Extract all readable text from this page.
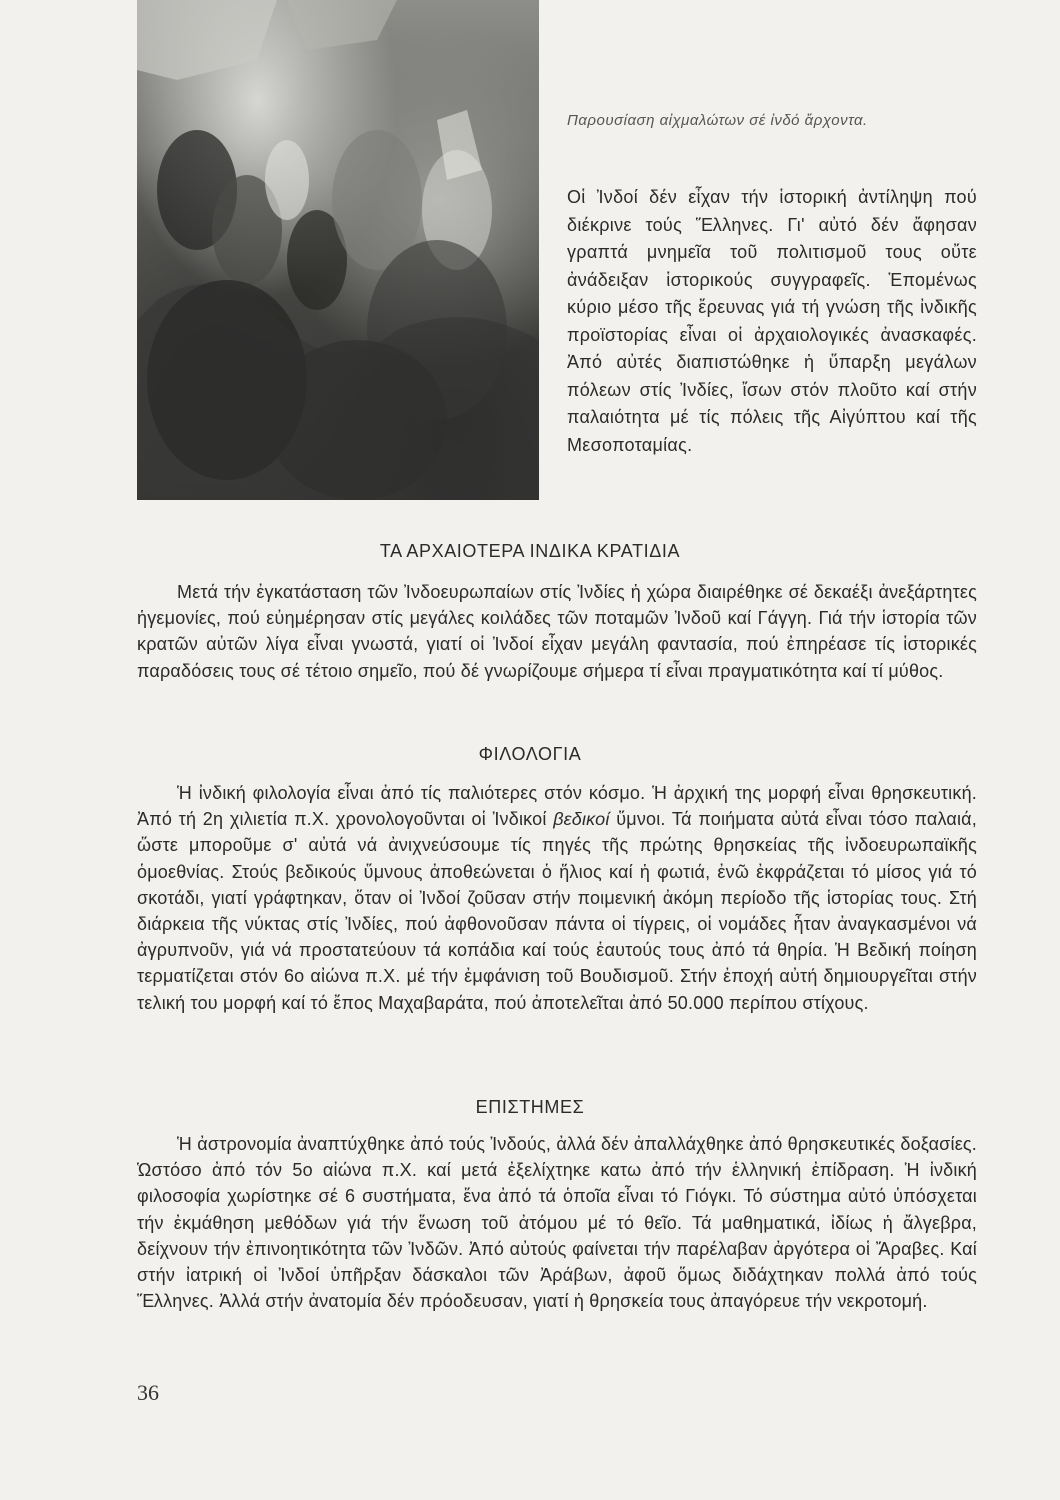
Παρουσίαση αἰχμαλώτων σέ ἰνδό ἄρχοντα.
Οἱ Ἰνδοί δέν εἶχαν τήν ἱστορική ἀντίληψη πού διέκρινε τούς Ἕλληνες. Γι' αὐτό δέν ἄφησαν γραπτά μνημεῖα τοῦ πολιτισμοῦ τους οὔτε ἀνάδειξαν ἱστορικούς συγγραφεῖς. Ἑπομένως κύριο μέσο τῆς ἔρευνας γιά τή γνώση τῆς ἰνδικῆς προϊστορίας εἶναι οἱ ἀρχαιολογικές ἀνασκαφές. Ἀπό αὐτές διαπιστώθηκε ἡ ὕπαρξη μεγάλων πόλεων στίς Ἰνδίες, ἴσων στόν πλοῦτο καί στήν παλαιότητα μέ τίς πόλεις τῆς Αἰγύπτου καί τῆς Μεσοποταμίας.
ΤΑ ΑΡΧΑΙΟΤΕΡΑ ΙΝΔΙΚΑ ΚΡΑΤΙΔΙΑ

Μετά τήν ἐγκατάσταση τῶν Ἰνδοευρωπαίων στίς Ἰνδίες ἡ χώρα διαιρέθηκε σέ δεκαέξι ἀνεξάρτητες ἡγεμονίες, πού εὐημέρησαν στίς μεγάλες κοιλάδες τῶν ποταμῶν Ἰνδοῦ καί Γάγγη. Γιά τήν ἱστορία τῶν κρατῶν αὐτῶν λίγα εἶναι γνωστά, γιατί οἱ Ἰνδοί εἶχαν μεγάλη φαντασία, πού ἐπηρέασε τίς ἱστορικές παραδόσεις τους σέ τέτοιο σημεῖο, πού δέ γνωρίζουμε σήμερα τί εἶναι πραγματικότητα καί τί μύθος.

ΦΙΛΟΛΟΓΙΑ

Ἡ ἰνδική φιλολογία εἶναι ἀπό τίς παλιότερες στόν κόσμο. Ἡ ἀρχική της μορφή εἶναι θρησκευτική. Ἀπό τή 2η χιλιετία π.Χ. χρονολογοῦνται οἱ Ἰνδικοί βεδικοί ὕμνοι. Τά ποιήματα αὐτά εἶναι τόσο παλαιά, ὥστε μποροῦμε σ' αὐτά νά ἀνιχνεύσουμε τίς πηγές τῆς πρώτης θρησκείας τῆς ἰνδοευρωπαϊκῆς ὁμοεθνίας. Στούς βεδικούς ὕμνους ἀποθεώνεται ὁ ἥλιος καί ἡ φωτιά, ἐνῶ ἐκφράζεται τό μίσος γιά τό σκοτάδι, γιατί γράφτηκαν, ὅταν οἱ Ἰνδοί ζοῦσαν στήν ποιμενική ἀκόμη περίοδο τῆς ἱστορίας τους. Στή διάρκεια τῆς νύκτας στίς Ἰνδίες, πού ἀφθονοῦσαν πάντα οἱ τίγρεις, οἱ νομάδες ἦταν ἀναγκασμένοι νά ἀγρυπνοῦν, γιά νά προστατεύουν τά κοπάδια καί τούς ἑαυτούς τους ἀπό τά θηρία. Ἡ Βεδική ποίηση τερματίζεται στόν 6ο αἰώνα π.Χ. μέ τήν ἐμφάνιση τοῦ Βουδισμοῦ. Στήν ἐποχή αὐτή δημιουργεῖται στήν τελική του μορφή καί τό ἔπος Μαχαβαράτα, πού ἀποτελεῖται ἀπό 50.000 περίπου στίχους.

ΕΠΙΣΤΗΜΕΣ

Ἡ ἀστρονομία ἀναπτύχθηκε ἀπό τούς Ἰνδούς, ἀλλά δέν ἀπαλλάχθηκε ἀπό θρησκευτικές δοξασίες. Ὡστόσο ἀπό τόν 5ο αἰώνα π.Χ. καί μετά ἐξελίχτηκε κατω ἀπό τήν ἑλληνική ἐπίδραση. Ἡ ἰνδική φιλοσοφία χωρίστηκε σέ 6 συστήματα, ἕνα ἀπό τά ὁποῖα εἶναι τό Γιόγκι. Τό σύστημα αὐτό ὑπόσχεται τήν ἐκμάθηση μεθόδων γιά τήν ἕνωση τοῦ ἀτόμου μέ τό θεῖο. Τά μαθηματικά, ἰδίως ἡ ἄλγεβρα, δείχνουν τήν ἐπινοητικότητα τῶν Ἰνδῶν. Ἀπό αὐτούς φαίνεται τήν παρέλαβαν ἀργότερα οἱ Ἄραβες. Καί στήν ἰατρική οἱ Ἰνδοί ὑπῆρξαν δάσκαλοι τῶν Ἀράβων, ἀφοῦ ὅμως διδάχτηκαν πολλά ἀπό τούς Ἕλληνες. Ἀλλά στήν ἀνατομία δέν πρόοδευσαν, γιατί ἡ θρησκεία τους ἀπαγόρευε τήν νεκροτομή.

36
